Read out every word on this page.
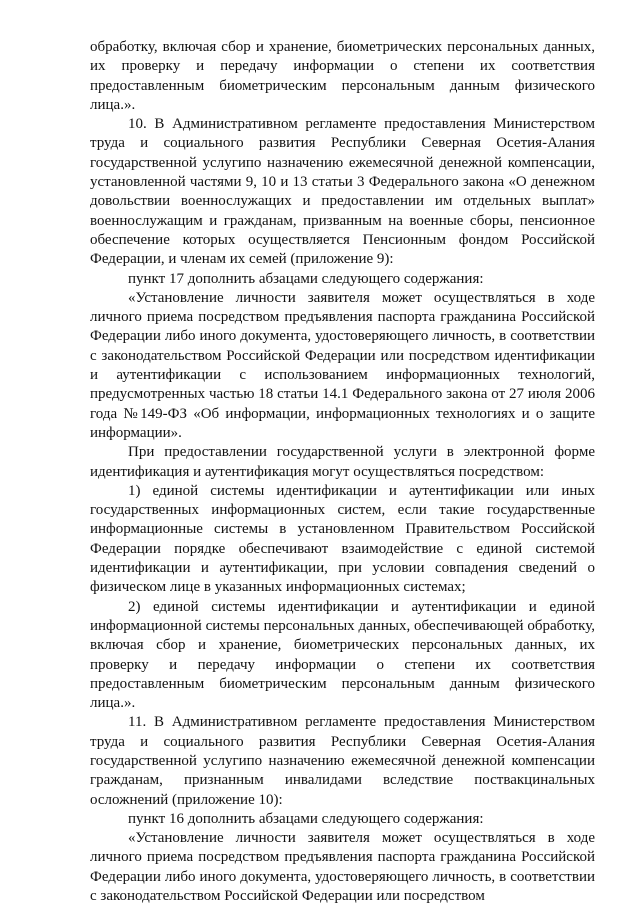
обработку, включая сбор и хранение, биометрических персональных данных, их проверку и передачу информации о степени их соответствия предоставленным биометрическим персональным данным физического лица.».

10. В Административном регламенте предоставления Министерством труда и социального развития Республики Северная Осетия-Алания государственной услугипо назначению ежемесячной денежной компенсации, установленной частями 9, 10 и 13 статьи 3 Федерального закона «О денежном довольствии военнослужащих и предоставлении им отдельных выплат» военнослужащим и гражданам, призванным на военные сборы, пенсионное обеспечение которых осуществляется Пенсионным фондом Российской Федерации, и членам их семей (приложение 9):

пункт 17 дополнить абзацами следующего содержания:

«Установление личности заявителя может осуществляться в ходе личного приема посредством предъявления паспорта гражданина Российской Федерации либо иного документа, удостоверяющего личность, в соответствии с законодательством Российской Федерации или посредством идентификации и аутентификации с использованием информационных технологий, предусмотренных частью 18 статьи 14.1 Федерального закона от 27 июля 2006 года №149-ФЗ «Об информации, информационных технологиях и о защите информации».

При предоставлении государственной услуги в электронной форме идентификация и аутентификация могут осуществляться посредством:

1) единой системы идентификации и аутентификации или иных государственных информационных систем, если такие государственные информационные системы в установленном Правительством Российской Федерации порядке обеспечивают взаимодействие с единой системой идентификации и аутентификации, при условии совпадения сведений о физическом лице в указанных информационных системах;

2) единой системы идентификации и аутентификации и единой информационной системы персональных данных, обеспечивающей обработку, включая сбор и хранение, биометрических персональных данных, их проверку и передачу информации о степени их соответствия предоставленным биометрическим персональным данным физического лица.».

11. В Административном регламенте предоставления Министерством труда и социального развития Республики Северная Осетия-Алания государственной услугипо назначению ежемесячной денежной компенсации гражданам, признанным инвалидами вследствие поствакцинальных осложнений (приложение 10):

пункт 16 дополнить абзацами следующего содержания:

«Установление личности заявителя может осуществляться в ходе личного приема посредством предъявления паспорта гражданина Российской Федерации либо иного документа, удостоверяющего личность, в соответствии с законодательством Российской Федерации или посредством
